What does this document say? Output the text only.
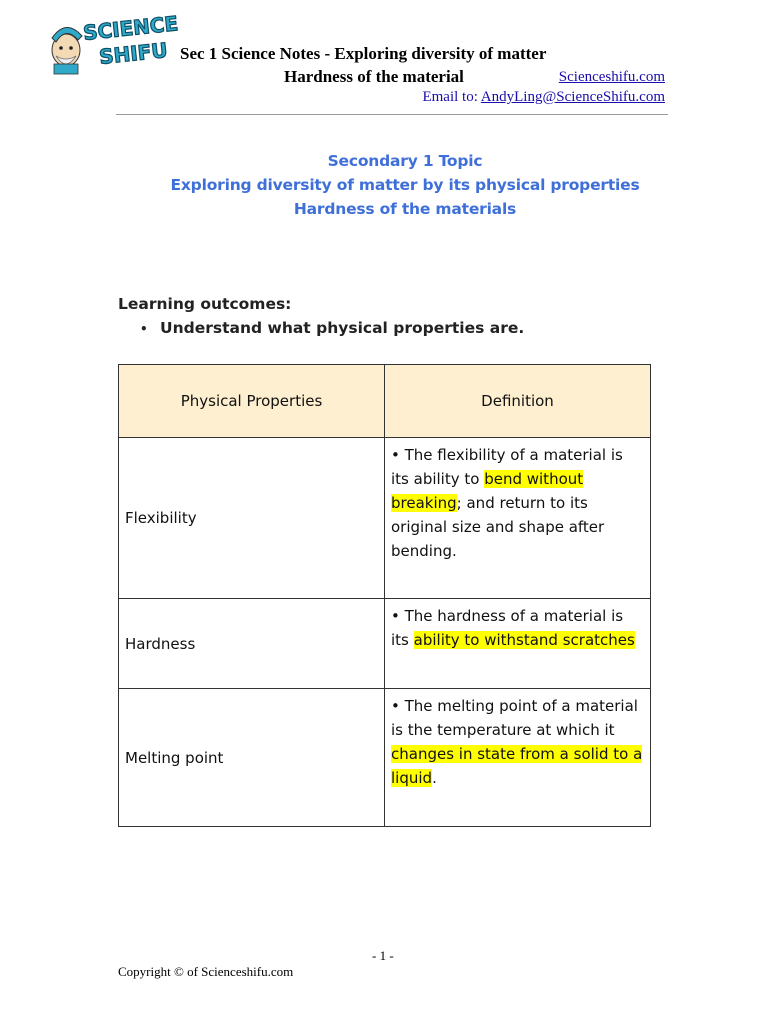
SCIENCE
SHIFU Sec 1 Science Notes - Exploring diversity of matter
Hardness of the material	Scienceshifu.com
Email to: AndyLing@ScienceShifu.com
Secondary 1 Topic
Exploring diversity of matter by its physical properties
Hardness of the materials
Learning outcomes:
• Understand what physical properties are.
Physical Properties	Definition
Flexibility	• The flexibility of a material is its ability to bend without breaking; and return to its original size and shape after bending.
Hardness	• The hardness of a material is its ability to withstand scratches
Melting point	• The melting point of a material is the temperature at which it changes in state from a solid to a liquid.
- 1 -
Copyright © of Scienceshifu.com
